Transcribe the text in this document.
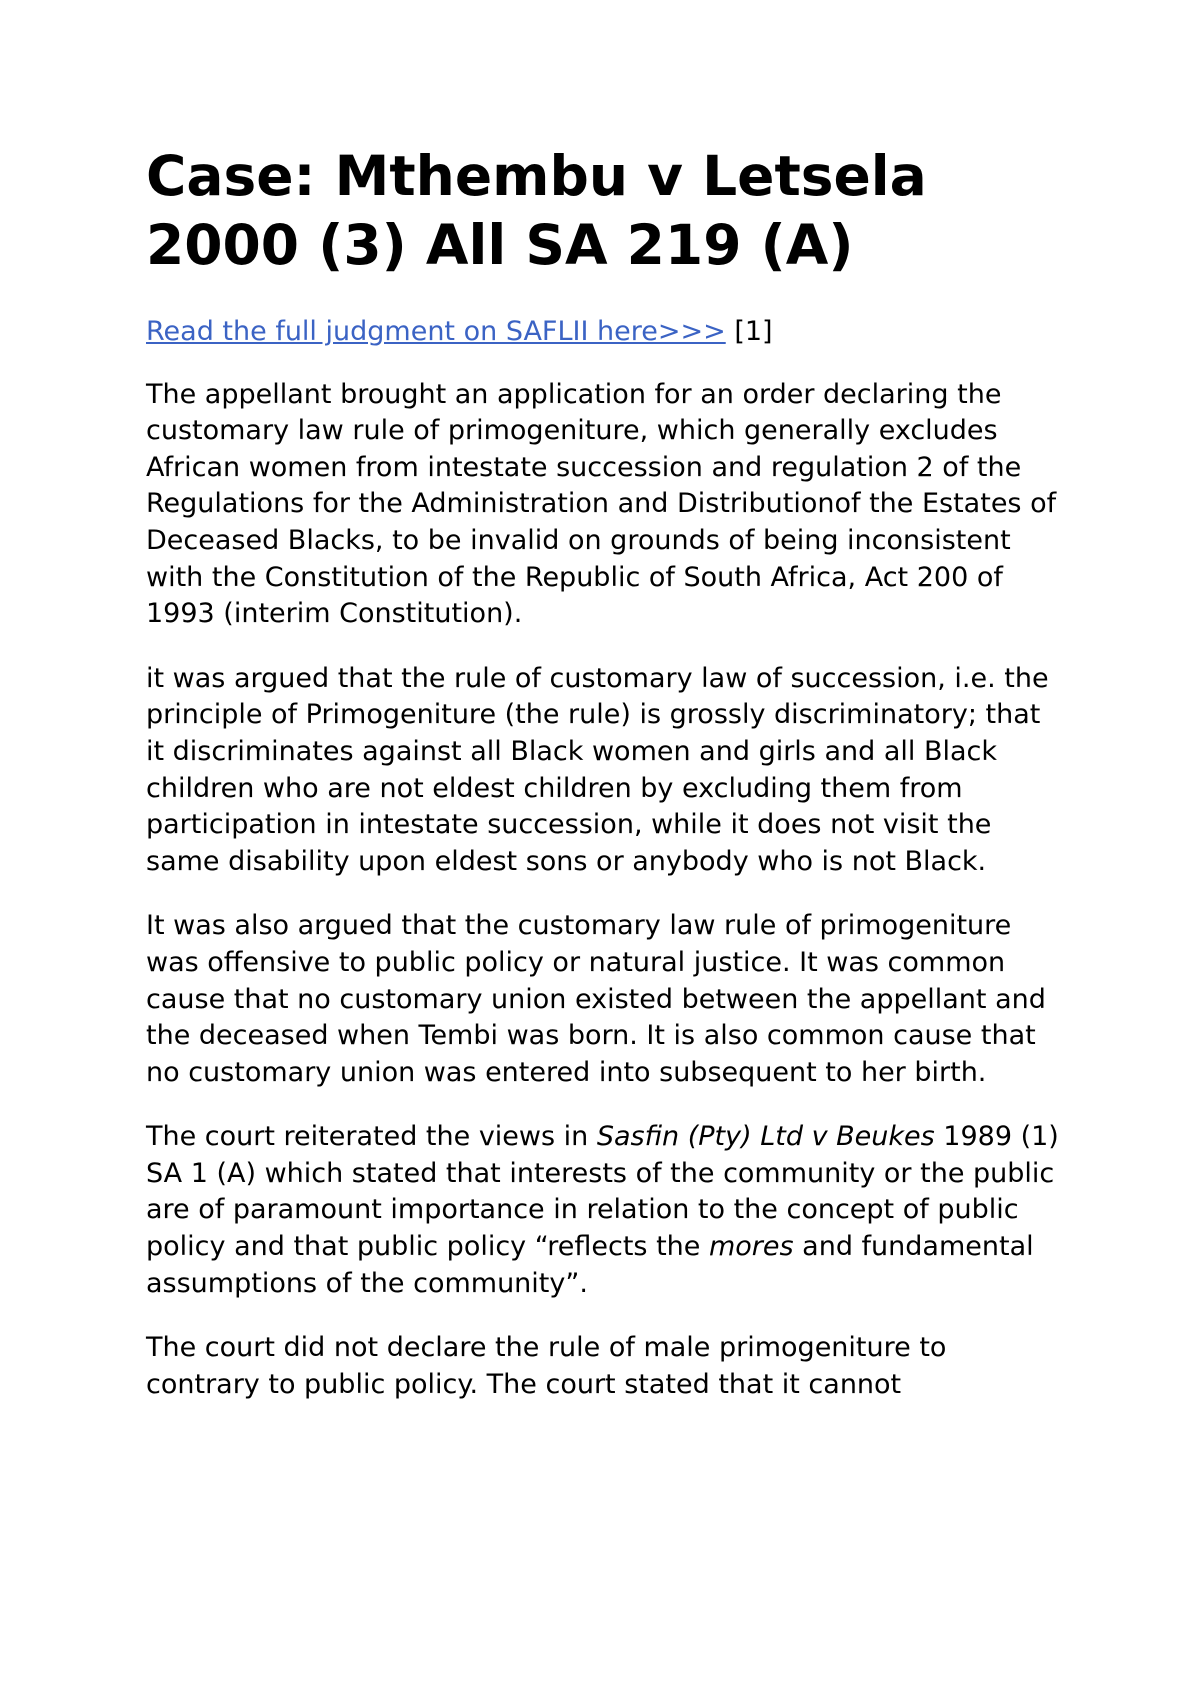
Case: Mthembu v Letsela 2000 (3) All SA 219 (A)

Read the full judgment on SAFLII here>>> [1]

The appellant brought an application for an order declaring the customary law rule of primogeniture, which generally excludes African women from intestate succession and regulation 2 of the Regulations for the Administration and Distributionof the Estates of Deceased Blacks, to be invalid on grounds of being inconsistent with the Constitution of the Republic of South Africa, Act 200 of 1993 (interim Constitution).

it was argued that the rule of customary law of succession, i.e. the principle of Primogeniture (the rule) is grossly discriminatory; that it discriminates against all Black women and girls and all Black children who are not eldest children by excluding them from participation in intestate succession, while it does not visit the same disability upon eldest sons or anybody who is not Black.

It was also argued that the customary law rule of primogeniture was offensive to public policy or natural justice. It was common cause that no customary union existed between the appellant and the deceased when Tembi was born. It is also common cause that no customary union was entered into subsequent to her birth.

The court reiterated the views in Sasfin (Pty) Ltd v Beukes 1989 (1) SA 1 (A) which stated that interests of the community or the public are of paramount importance in relation to the concept of public policy and that public policy “reflects the mores and fundamental assumptions of the community”.

The court did not declare the rule of male primogeniture to contrary to public policy. The court stated that it cannot
